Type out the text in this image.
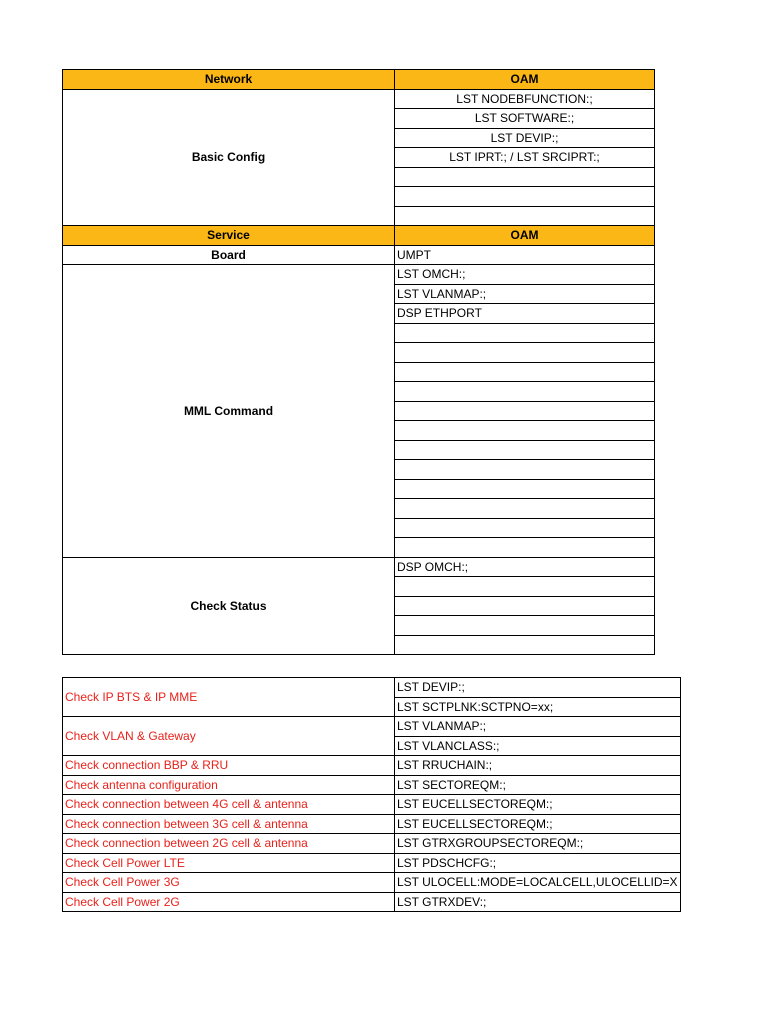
Network	OAM
Basic Config	LST NODEBFUNCTION:;
	LST SOFTWARE:;
	LST DEVIP:;
	LST IPRT:; / LST SRCIPRT:;

Service	OAM
Board	UMPT
MML Command	LST OMCH:;
	LST VLANMAP:;
	DSP ETHPORT

Check Status	DSP OMCH:;

Check IP BTS & IP MME	LST DEVIP:;
	LST SCTPLNK:SCTPNO=xx;
Check VLAN & Gateway	LST VLANMAP:;
	LST VLANCLASS:;
Check connection BBP & RRU	LST RRUCHAIN:;
Check antenna configuration	LST SECTOREQM:;
Check connection between 4G cell & antenna	LST EUCELLSECTOREQM:;
Check connection between 3G cell & antenna	LST EUCELLSECTOREQM:;
Check connection between 2G cell & antenna	LST GTRXGROUPSECTOREQM:;
Check Cell Power LTE	LST PDSCHCFG:;
Check Cell Power 3G	LST ULOCELL:MODE=LOCALCELL,ULOCELLID=X
Check Cell Power 2G	LST GTRXDEV:;
